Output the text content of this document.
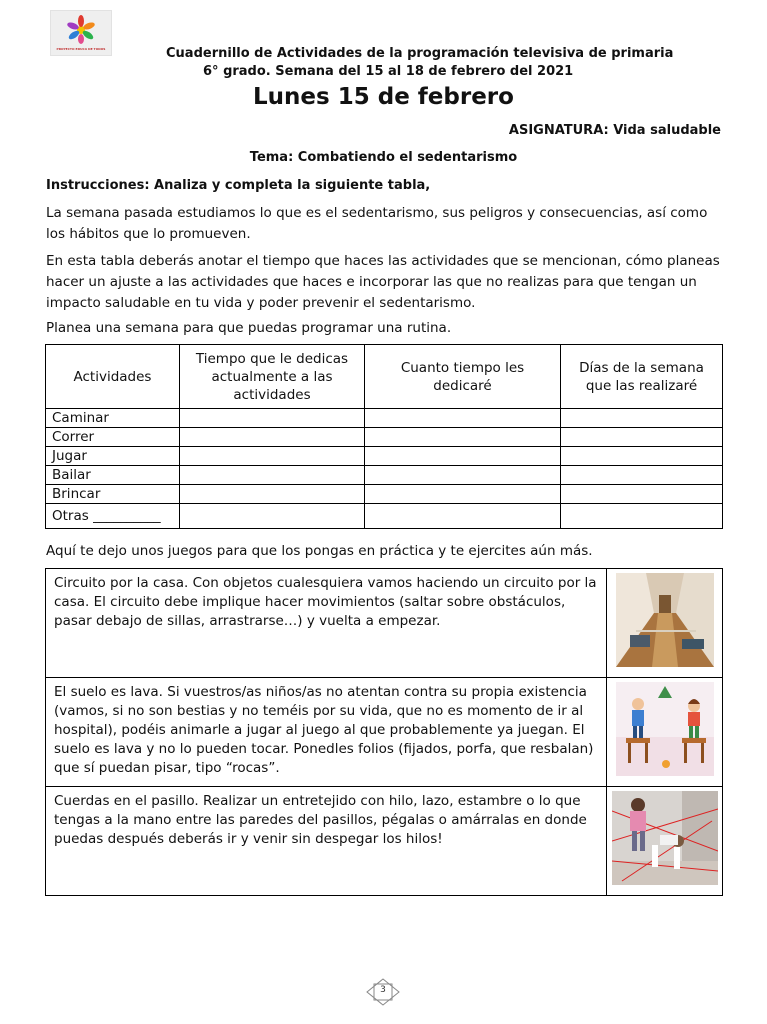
PROYECTO EDUCA DE TODOS	Cuadernillo de Actividades de la programación televisiva de primaria
6° grado. Semana del 15 al 18 de febrero del 2021
Lunes 15 de febrero
ASIGNATURA: Vida saludable
Tema: Combatiendo el sedentarismo
Instrucciones: Analiza y completa la siguiente tabla,
La semana pasada estudiamos lo que es el sedentarismo, sus peligros y consecuencias, así como los hábitos que lo promueven.
En esta tabla deberás anotar el tiempo que haces las actividades que se mencionan, cómo planeas hacer un ajuste a las actividades que haces e incorporar las que no realizas para que tengan un impacto saludable en tu vida y poder prevenir el sedentarismo.
Planea una semana para que puedas programar una rutina.
Actividades	Tiempo que le dedicas actualmente a las actividades	Cuanto tiempo les dedicaré	Días de la semana que las realizaré
Caminar			
Correr			
Jugar			
Bailar			
Brincar			
Otras __________			
Aquí te dejo unos juegos para que los pongas en práctica y te ejercites aún más.
Circuito por la casa. Con objetos cualesquiera vamos haciendo un circuito por la casa. El circuito debe implique hacer movimientos (saltar sobre obstáculos, pasar debajo de sillas, arrastrarse…) y vuelta a empezar.	
El suelo es lava. Si vuestros/as niños/as no atentan contra su propia existencia (vamos, si no son bestias y no teméis por su vida, que no es momento de ir al hospital), podéis animarle a jugar al juego al que probablemente ya juegan. El suelo es lava y no lo pueden tocar. Ponedles folios (fijados, porfa, que resbalan) que sí puedan pisar, tipo “rocas”.	
Cuerdas en el pasillo. Realizar un entretejido con hilo, lazo, estambre o lo que tengas a la mano entre las paredes del pasillos, pégalas o amárralas en donde puedas después deberás ir y venir sin despegar los hilos!	
3
